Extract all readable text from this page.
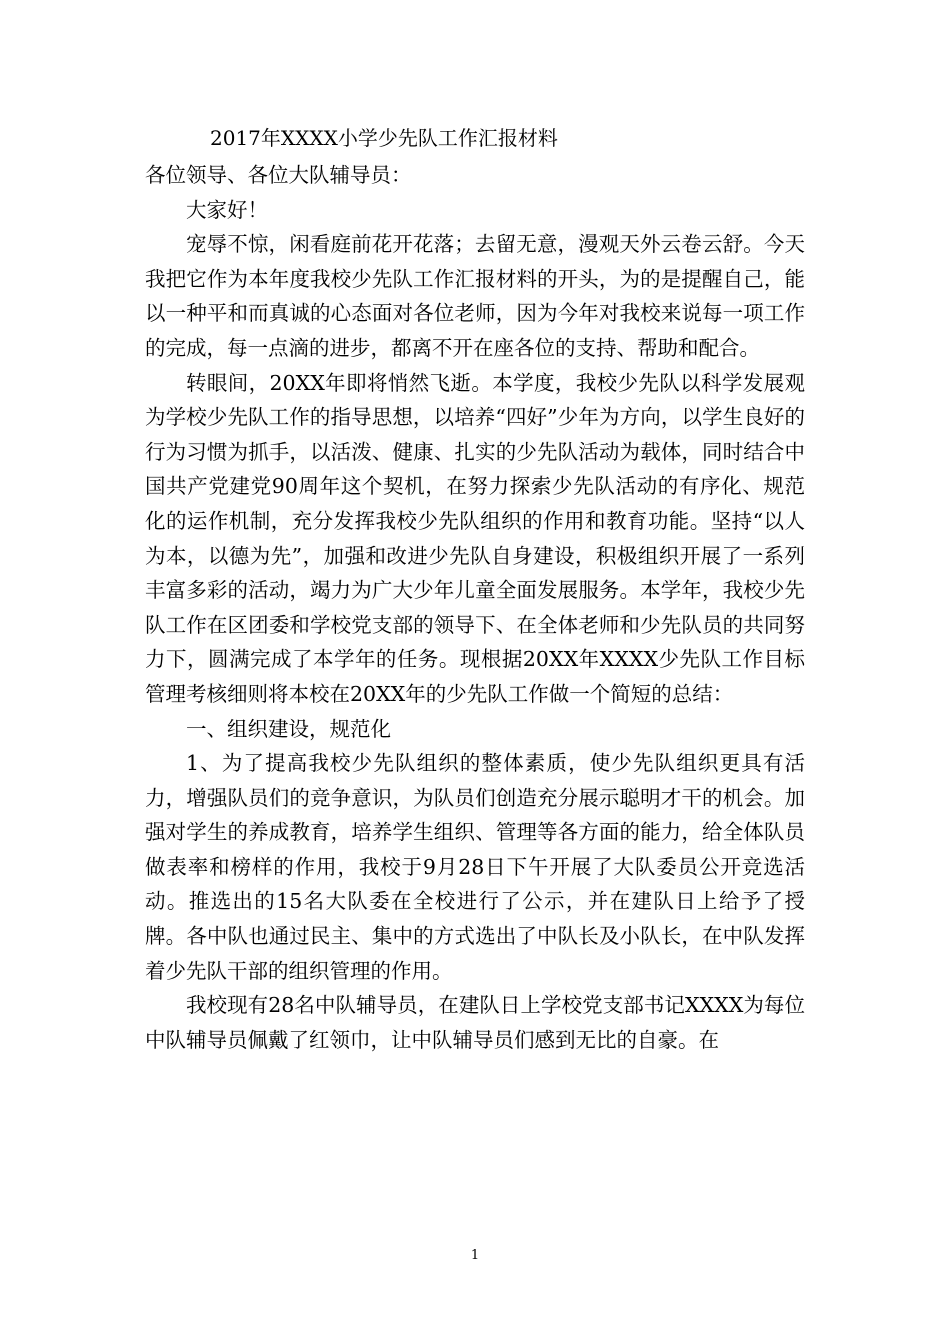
2017年XXXX小学少先队工作汇报材料

各位领导、各位大队辅导员：

大家好！

宠辱不惊，闲看庭前花开花落；去留无意，漫观天外云卷云舒。今天我把它作为本年度我校少先队工作汇报材料的开头，为的是提醒自己，能以一种平和而真诚的心态面对各位老师，因为今年对我校来说每一项工作的完成，每一点滴的进步，都离不开在座各位的支持、帮助和配合。

转眼间，20XX年即将悄然飞逝。本学度，我校少先队以科学发展观为学校少先队工作的指导思想，以培养“四好”少年为方向，以学生良好的行为习惯为抓手，以活泼、健康、扎实的少先队活动为载体，同时结合中国共产党建党90周年这个契机，在努力探索少先队活动的有序化、规范化的运作机制，充分发挥我校少先队组织的作用和教育功能。坚持“以人为本，以德为先”，加强和改进少先队自身建设，积极组织开展了一系列丰富多彩的活动，竭力为广大少年儿童全面发展服务。本学年，我校少先队工作在区团委和学校党支部的领导下、在全体老师和少先队员的共同努力下，圆满完成了本学年的任务。现根据20XX年XXXX少先队工作目标管理考核细则将本校在20XX年的少先队工作做一个简短的总结：

一、组织建设，规范化

1、为了提高我校少先队组织的整体素质，使少先队组织更具有活力，增强队员们的竞争意识，为队员们创造充分展示聪明才干的机会。加强对学生的养成教育，培养学生组织、管理等各方面的能力，给全体队员做表率和榜样的作用，我校于9月28日下午开展了大队委员公开竞选活动。推选出的15名大队委在全校进行了公示，并在建队日上给予了授牌。各中队也通过民主、集中的方式选出了中队长及小队长，在中队发挥着少先队干部的组织管理的作用。

我校现有28名中队辅导员，在建队日上学校党支部书记XXXX为每位中队辅导员佩戴了红领巾，让中队辅导员们感到无比的自豪。在

1
